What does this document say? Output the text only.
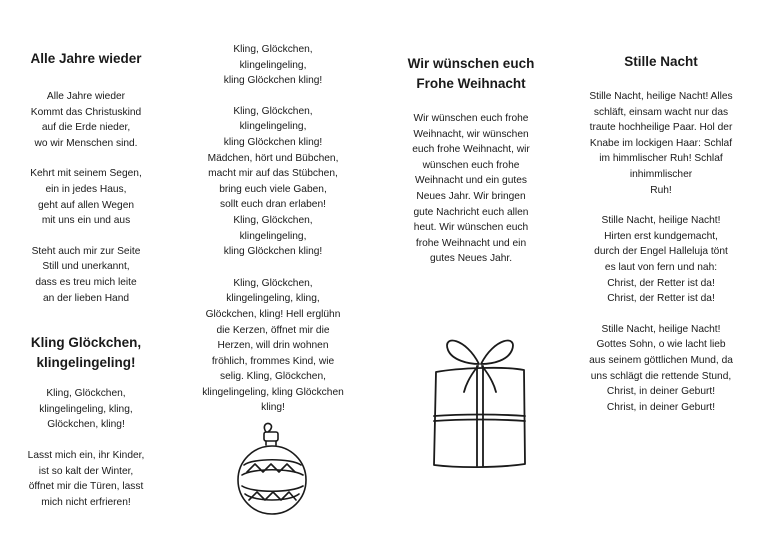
Alle Jahre wieder

Alle Jahre wieder
Kommt das Christuskind
auf die Erde nieder,
wo wir Menschen sind.

Kehrt mit seinem Segen,
ein in jedes Haus,
geht auf allen Wegen
mit uns ein und aus

Steht auch mir zur Seite
Still und unerkannt,
dass es treu mich leite
an der lieben Hand

Kling Glöckchen,
klingelingeling!

Kling, Glöckchen,
klingelingeling, kling,
Glöckchen, kling!

Lasst mich ein, ihr Kinder,
ist so kalt der Winter,
öffnet mir die Türen, lasst
mich nicht erfrieren!

Kling, Glöckchen,
klingelingeling,
kling Glöckchen kling!

Kling, Glöckchen,
klingelingeling,
kling Glöckchen kling!
Mädchen, hört und Bübchen,
macht mir auf das Stübchen,
bring euch viele Gaben,
sollt euch dran erlaben!
Kling, Glöckchen,
klingelingeling,
kling Glöckchen kling!

Kling, Glöckchen,
klingelingeling, kling,
Glöckchen, kling! Hell erglühn
die Kerzen, öffnet mir die
Herzen, will drin wohnen
fröhlich, frommes Kind, wie
selig. Kling, Glöckchen,
klingelingeling, kling Glöckchen
kling!

Wir wünschen euch
Frohe Weihnacht

Wir wünschen euch frohe
Weihnacht, wir wünschen
euch frohe Weihnacht, wir
wünschen euch frohe
Weihnacht und ein gutes
Neues Jahr. Wir bringen
gute Nachricht euch allen
heut. Wir wünschen euch
frohe Weihnacht und ein
gutes Neues Jahr.

Stille Nacht

Stille Nacht, heilige Nacht! Alles
schläft, einsam wacht nur das
traute hochheilige Paar. Hol der
Knabe im lockigen Haar: Schlaf
im himmlischer Ruh! Schlaf
inhimmlischer
Ruh!

Stille Nacht, heilige Nacht!
Hirten erst kundgemacht,
durch der Engel Halleluja tönt
es laut von fern und nah:
Christ, der Retter ist da!
Christ, der Retter ist da!

Stille Nacht, heilige Nacht!
Gottes Sohn, o wie lacht lieb
aus seinem göttlichen Mund, da
uns schlägt die rettende Stund,
Christ, in deiner Geburt!
Christ, in deiner Geburt!
